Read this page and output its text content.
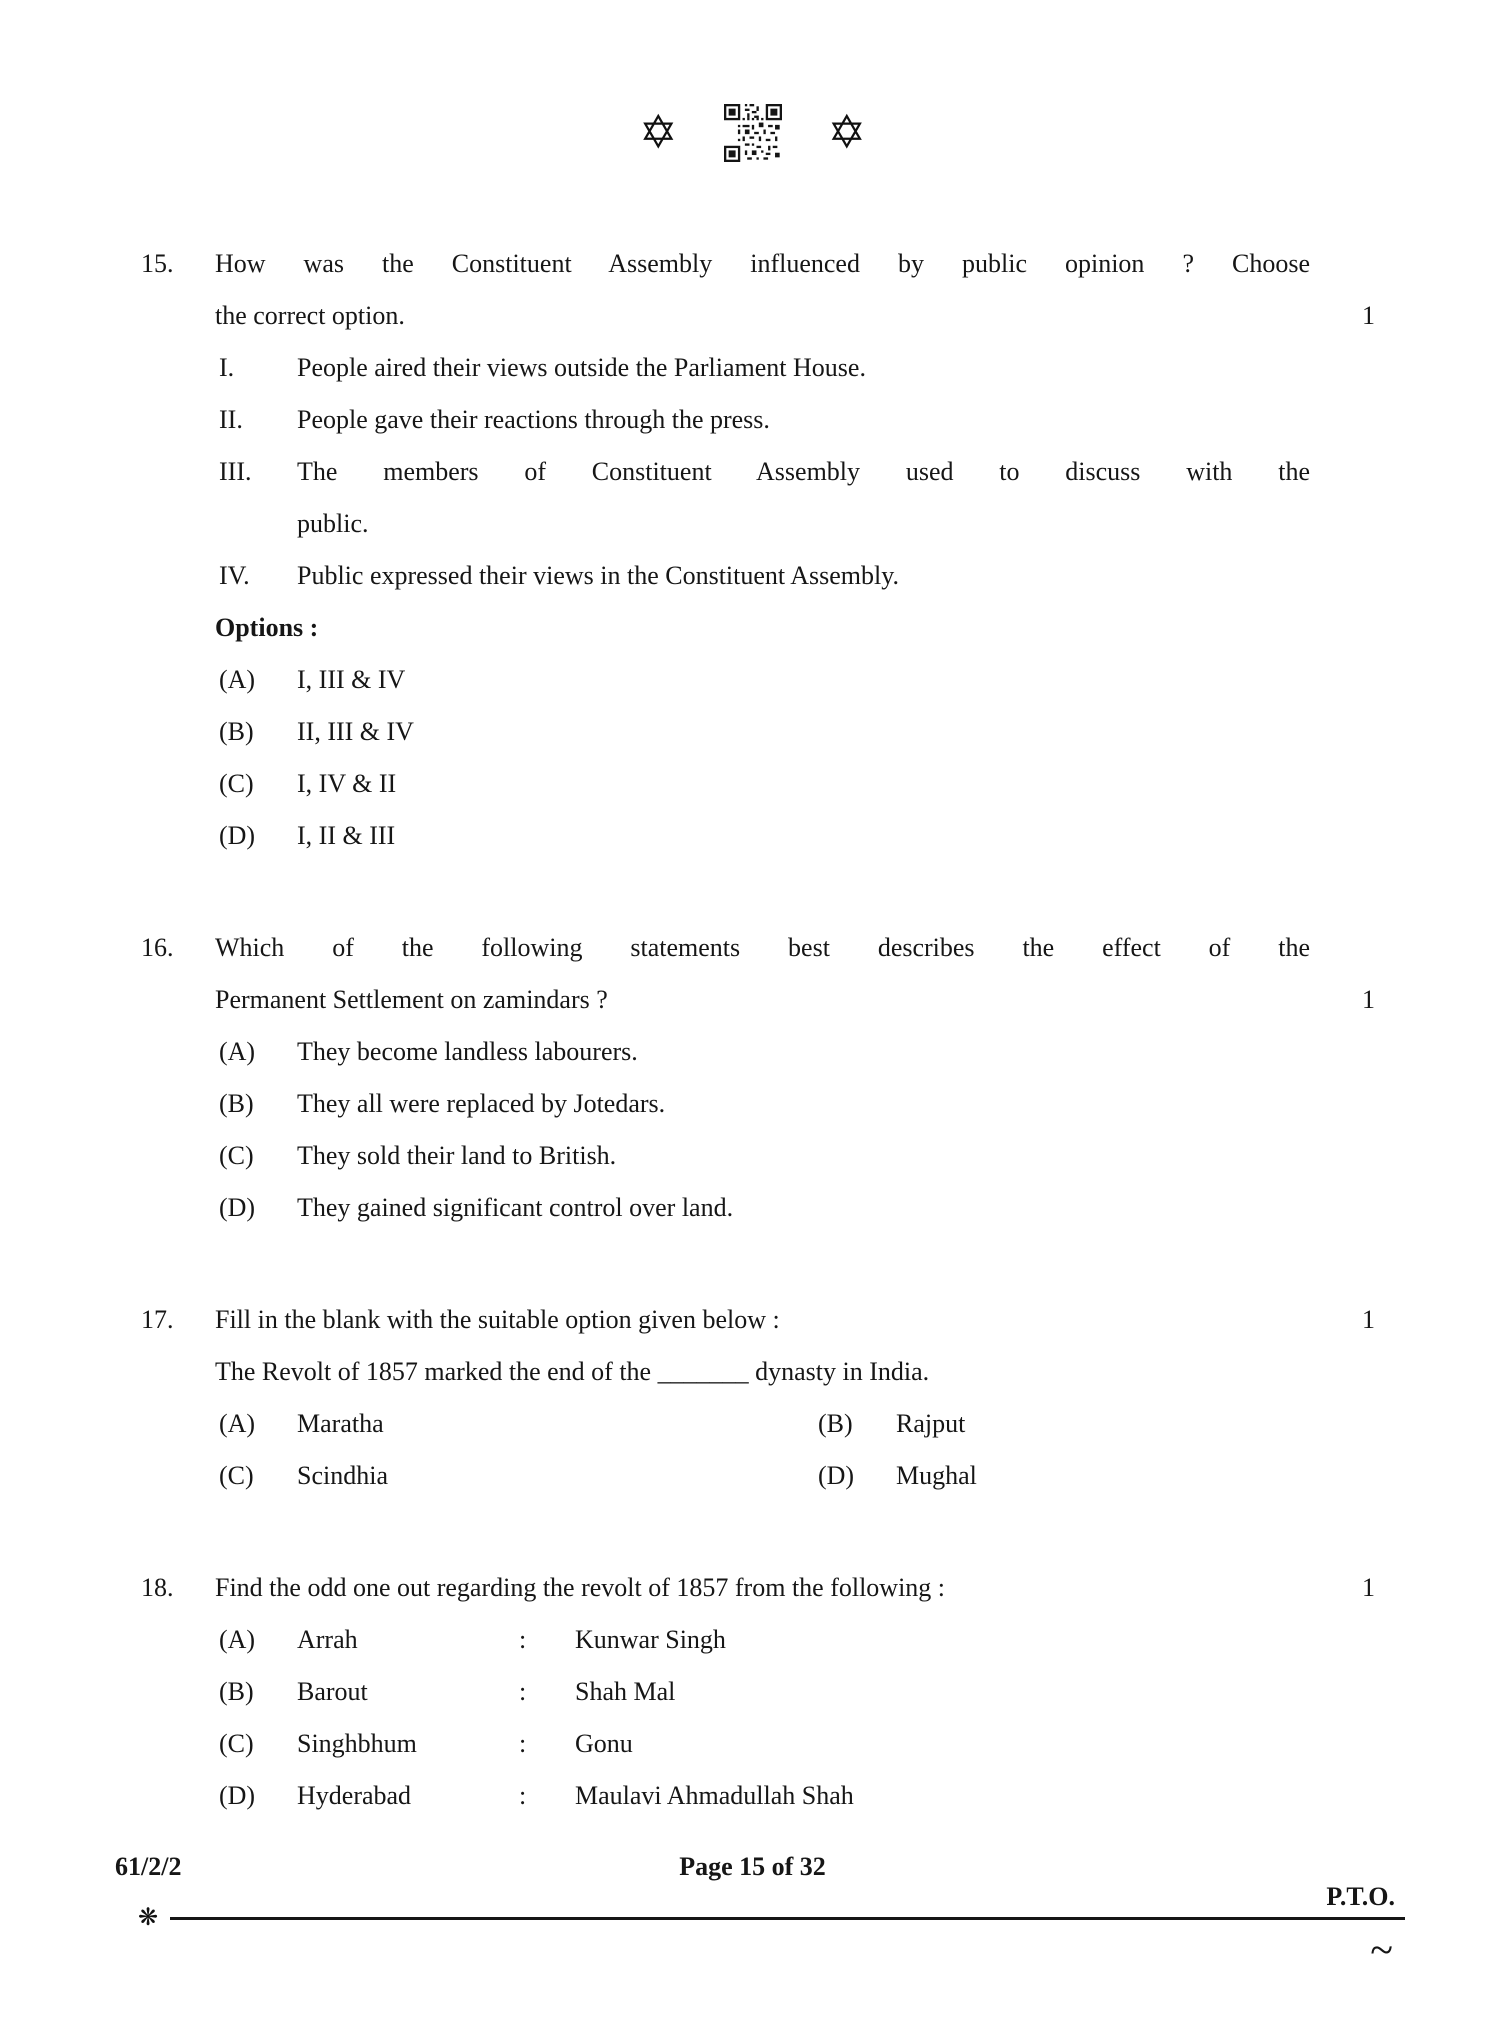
✡	✡
15.
1
How was the Constituent Assembly influenced by public opinion ? Choose
the correct option.
I.	People aired their views outside the Parliament House.
II.	People gave their reactions through the press.
III.	The members of Constituent Assembly used to discuss with the
public.
IV.	Public expressed their views in the Constituent Assembly.
Options :
(A)	I, III & IV
(B)	II, III & IV
(C)	I, IV & II
(D)	I, II & III
16.
1
Which of the following statements best describes the effect of the
Permanent Settlement on zamindars ?
(A)	They become landless labourers.
(B)	They all were replaced by Jotedars.
(C)	They sold their land to British.
(D)	They gained significant control over land.
17.	1
Fill in the blank with the suitable option given below :
The Revolt of 1857 marked the end of the _______ dynasty in India.
(A)	Maratha	(B)	Rajput
(C)	Scindhia	(D)	Mughal
18.	1
Find the odd one out regarding the revolt of 1857 from the following :
(A)	Arrah	:	Kunwar Singh
(B)	Barout	:	Shah Mal
(C)	Singhbhum	:	Gonu
(D)	Hyderabad	:	Maulavi Ahmadullah Shah
61/2/2	Page 15 of 32
P.T.O.
❋
~
